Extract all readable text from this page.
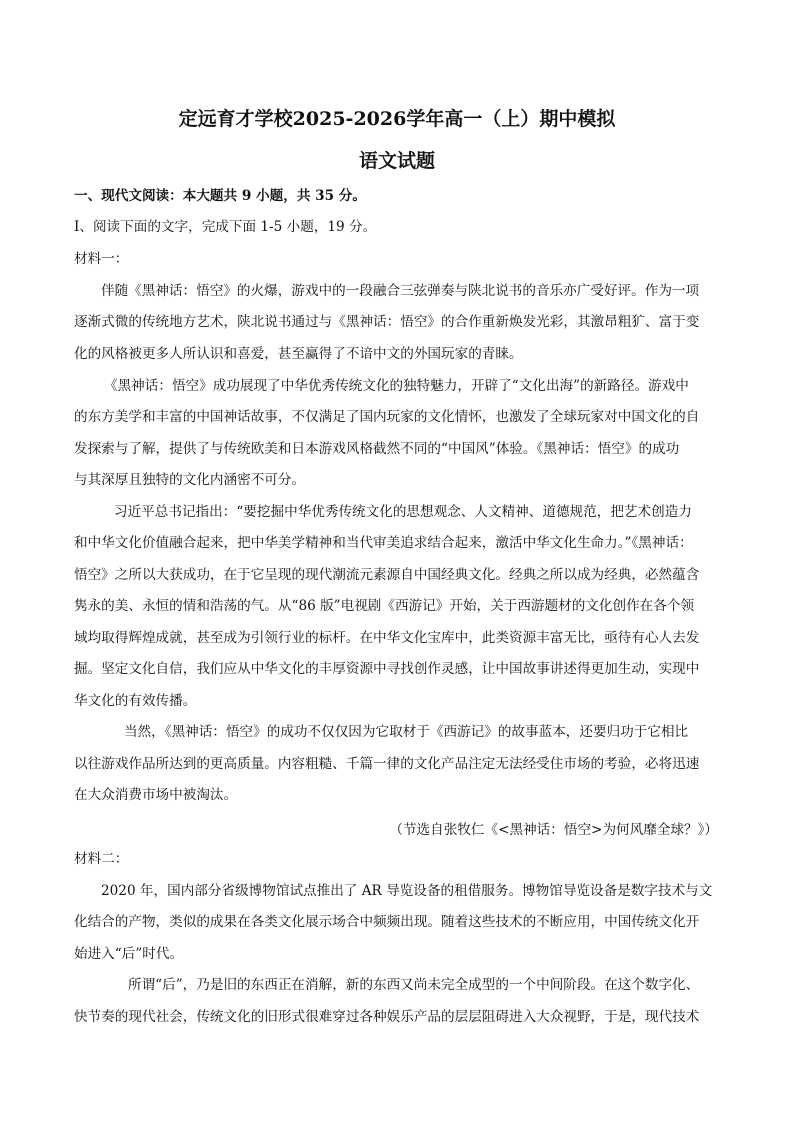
定远育才学校2025-2026学年高一（上）期中模拟
语文试题
一、现代文阅读：本大题共 9 小题，共 35 分。
I、阅读下面的文字，完成下面 1-5 小题，19 分。
材料一：
伴随《黑神话：悟空》的火爆，游戏中的一段融合三弦弹奏与陕北说书的音乐亦广受好评。作为一项
逐渐式微的传统地方艺术，陕北说书通过与《黑神话：悟空》的合作重新焕发光彩，其激昂粗犷、富于变
化的风格被更多人所认识和喜爱，甚至赢得了不谙中文的外国玩家的青睐。
《黑神话：悟空》成功展现了中华优秀传统文化的独特魅力，开辟了“文化出海”的新路径。游戏中
的东方美学和丰富的中国神话故事，不仅满足了国内玩家的文化情怀，也激发了全球玩家对中国文化的自
发探索与了解，提供了与传统欧美和日本游戏风格截然不同的“中国风”体验。《黑神话：悟空》的成功
与其深厚且独特的文化内涵密不可分。
习近平总书记指出：“要挖掘中华优秀传统文化的思想观念、人文精神、道德规范，把艺术创造力
和中华文化价值融合起来，把中华美学精神和当代审美追求结合起来，激活中华文化生命力。”《黑神话：
悟空》之所以大获成功，在于它呈现的现代潮流元素源自中国经典文化。经典之所以成为经典，必然蕴含
隽永的美、永恒的情和浩荡的气。从“86 版”电视剧《西游记》开始，关于西游题材的文化创作在各个领
域均取得辉煌成就，甚至成为引领行业的标杆。在中华文化宝库中，此类资源丰富无比，亟待有心人去发
掘。坚定文化自信，我们应从中华文化的丰厚资源中寻找创作灵感，让中国故事讲述得更加生动，实现中
华文化的有效传播。
当然，《黑神话：悟空》的成功不仅仅因为它取材于《西游记》的故事蓝本，还要归功于它相比
以往游戏作品所达到的更高质量。内容粗糙、千篇一律的文化产品注定无法经受住市场的考验，必将迅速
在大众消费市场中被淘汰。
（节选自张牧仁《<黑神话：悟空>为何风靡全球？》）
材料二：
2020 年，国内部分省级博物馆试点推出了 AR 导览设备的租借服务。博物馆导览设备是数字技术与文
化结合的产物，类似的成果在各类文化展示场合中频频出现。随着这些技术的不断应用，中国传统文化开
始进入“后”时代。
所谓“后”，乃是旧的东西正在消解，新的东西又尚未完全成型的一个中间阶段。在这个数字化、
快节奏的现代社会，传统文化的旧形式很难穿过各种娱乐产品的层层阻碍进入大众视野，于是，现代技术
